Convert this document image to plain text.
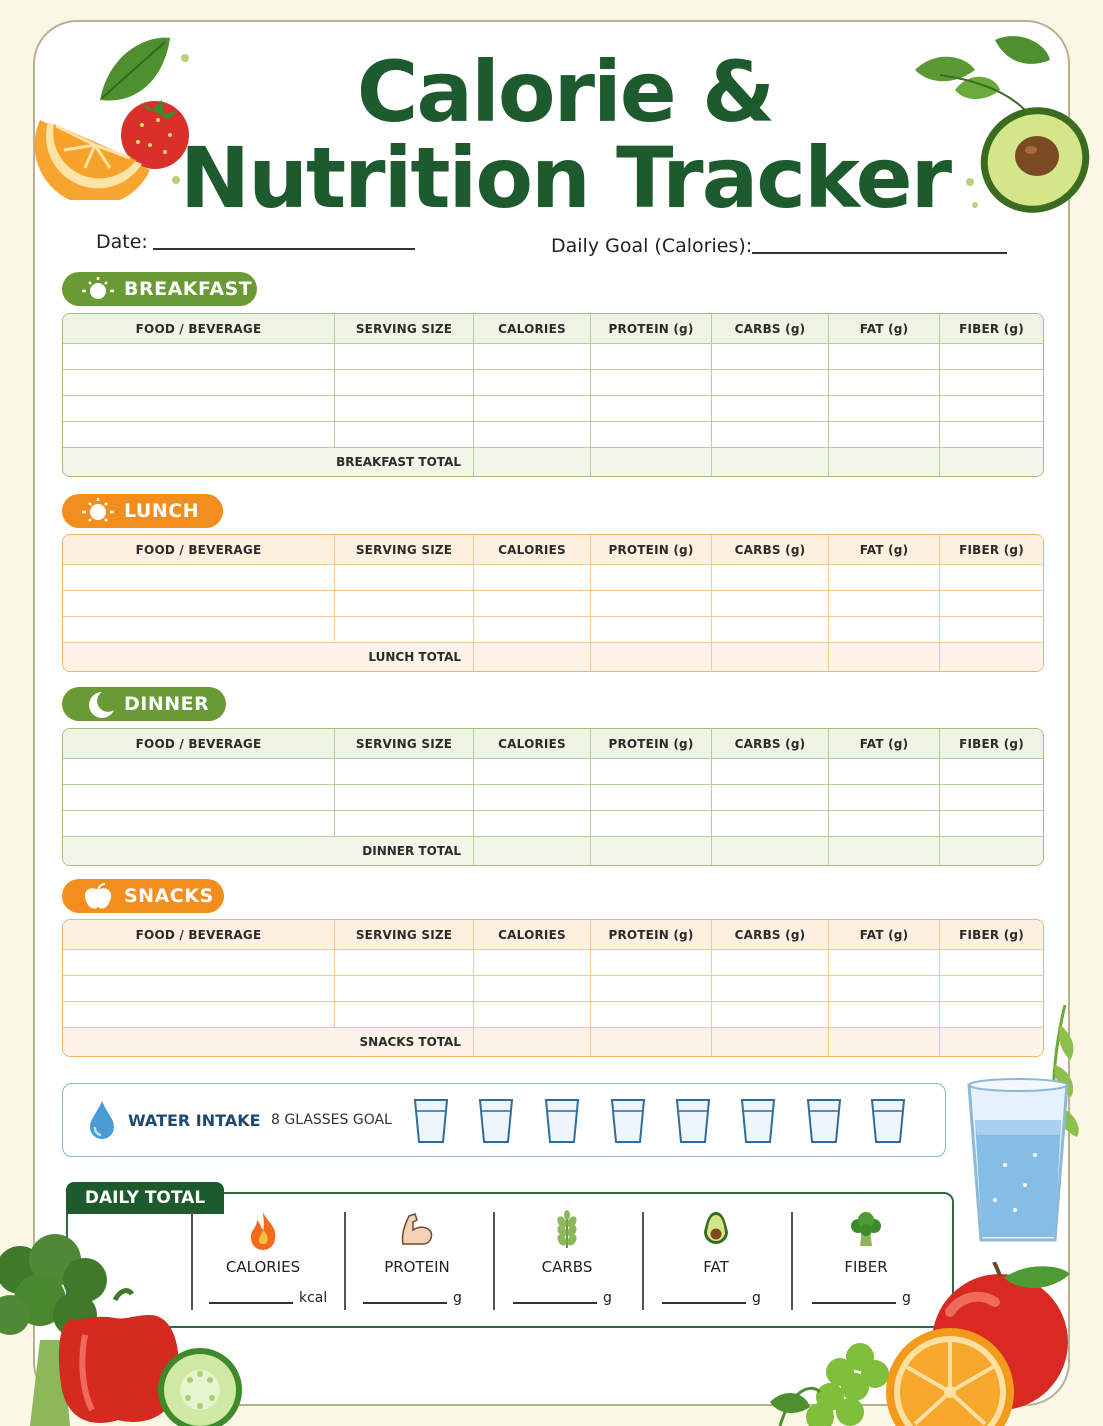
Calorie &
Nutrition Tracker
Date:	Daily Goal (Calories):
BREAKFAST
FOOD / BEVERAGE	SERVING SIZE	CALORIES	PROTEIN (g)	CARBS (g)	FAT (g)	FIBER (g)

BREAKFAST TOTAL						
LUNCH
FOOD / BEVERAGE	SERVING SIZE	CALORIES	PROTEIN (g)	CARBS (g)	FAT (g)	FIBER (g)

LUNCH TOTAL						
DINNER
FOOD / BEVERAGE	SERVING SIZE	CALORIES	PROTEIN (g)	CARBS (g)	FAT (g)	FIBER (g)

DINNER TOTAL						
SNACKS
FOOD / BEVERAGE	SERVING SIZE	CALORIES	PROTEIN (g)	CARBS (g)	FAT (g)	FIBER (g)

SNACKS TOTAL						
WATER INTAKE 8 GLASSES GOAL
DAILY TOTAL
CALORIES
kcal
PROTEIN
g
CARBS
g
FAT
g
FIBER
g
